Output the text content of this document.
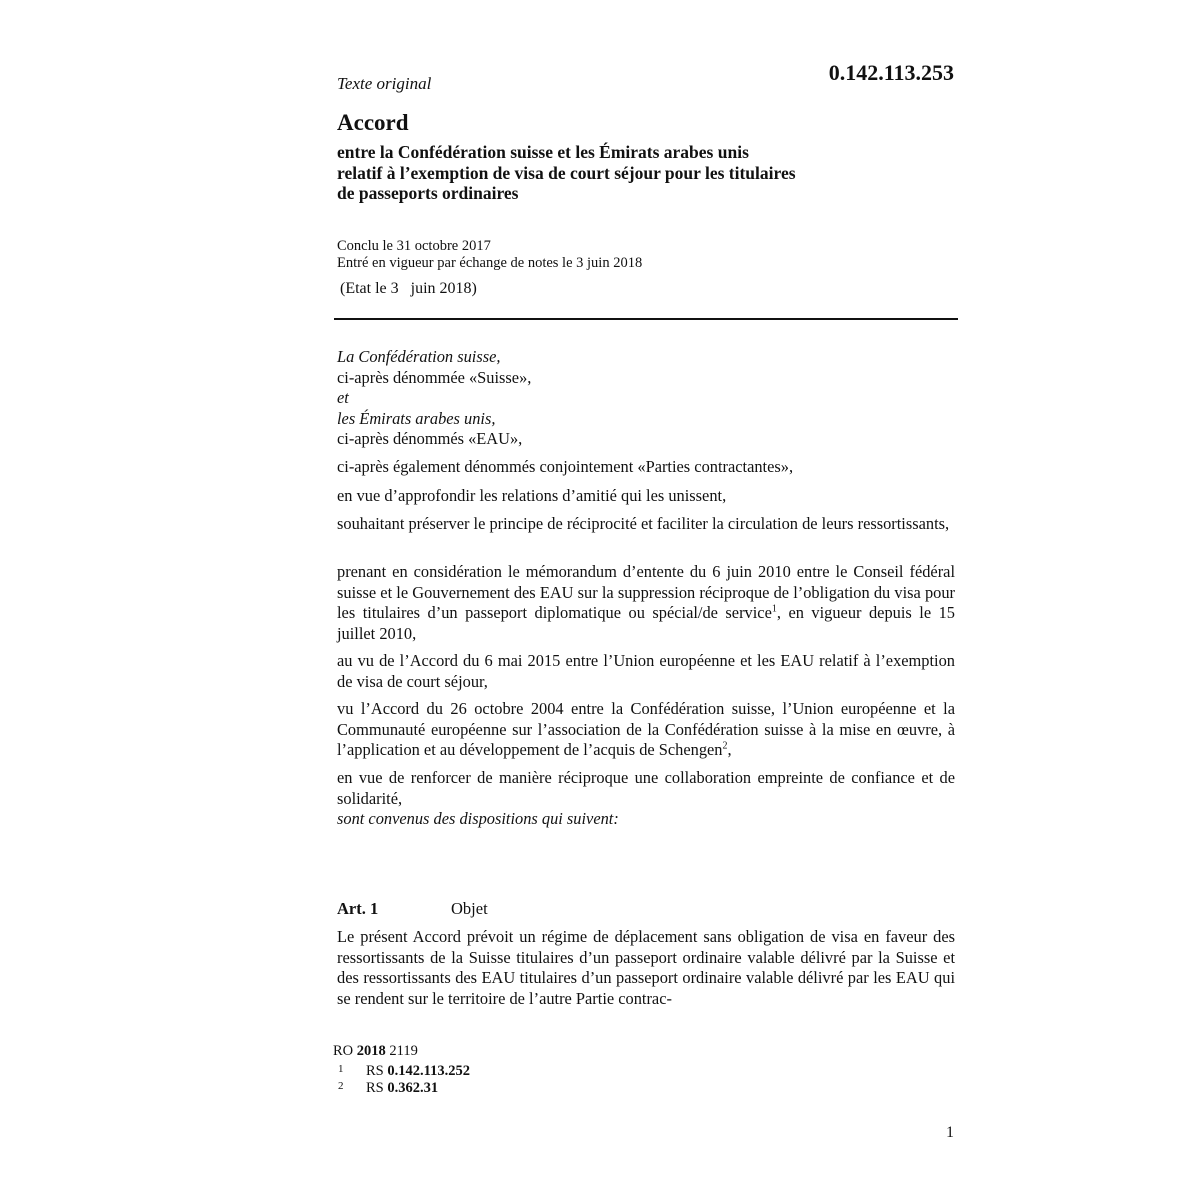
0.142.113.253
Texte original
Accord
entre la Confédération suisse et les Émirats arabes unis
relatif à l’exemption de visa de court séjour pour les titulaires
de passeports ordinaires
Conclu le 31 octobre 2017
Entré en vigueur par échange de notes le 3 juin 2018
(Etat le 3   juin 2018)

La Confédération suisse,

ci-après dénommée «Suisse»,

et

les Émirats arabes unis,

ci-après dénommés «EAU»,

ci-après également dénommés conjointement «Parties contractantes»,

en vue d’approfondir les relations d’amitié qui les unissent,

souhaitant préserver le principe de réciprocité et faciliter la circulation de leurs ressortissants,

prenant en considération le mémorandum d’entente du 6 juin 2010 entre le Conseil fédéral suisse et le Gouvernement des EAU sur la suppression réciproque de l’obligation du visa pour les titulaires d’un passeport diplomatique ou spécial/de service$^1$, en vigueur depuis le 15 juillet 2010,

au vu de l’Accord du 6 mai 2015 entre l’Union européenne et les EAU relatif à l’exemption de visa de court séjour,

vu l’Accord du 26 octobre 2004 entre la Confédération suisse, l’Union européenne et la Communauté européenne sur l’association de la Confédération suisse à la mise en œuvre, à l’application et au développement de l’acquis de Schengen$^2$,

en vue de renforcer de manière réciproque une collaboration empreinte de confiance et de solidarité,

sont convenus des dispositions qui suivent:

Art. 1	Objet

Le présent Accord prévoit un régime de déplacement sans obligation de visa en faveur des ressortissants de la Suisse titulaires d’un passeport ordinaire valable délivré par la Suisse et des ressortissants des EAU titulaires d’un passeport ordinaire valable délivré par les EAU qui se rendent sur le territoire de l’autre Partie contrac-

RO 2018 2119
1 RS 0.142.113.252
2 RS 0.362.31
1
